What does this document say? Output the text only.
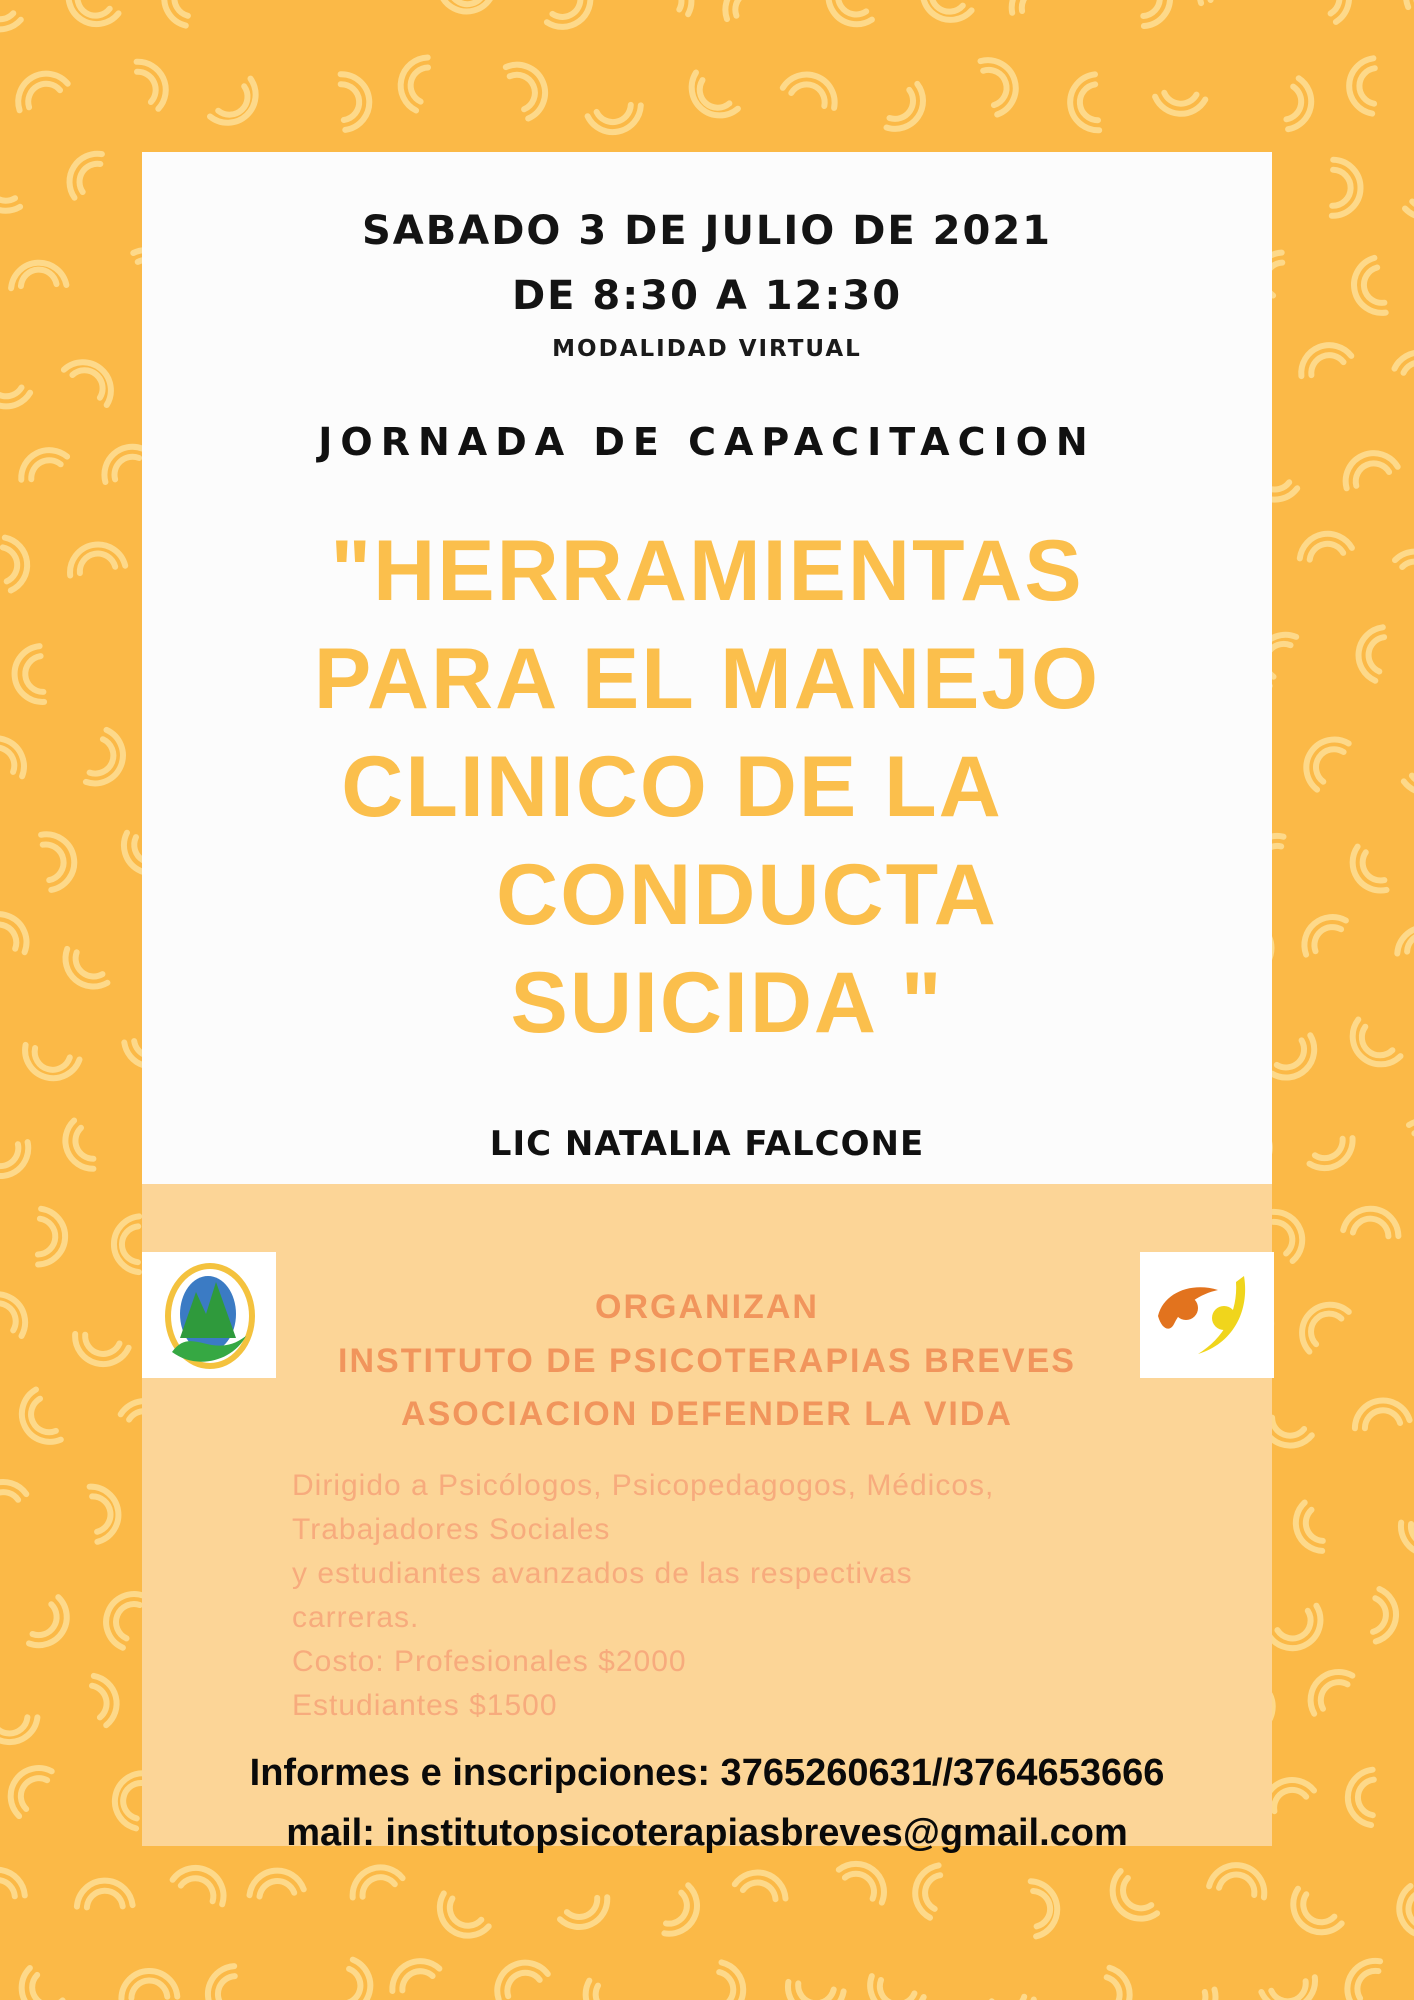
SABADO 3 DE JULIO DE 2021
DE 8:30 A 12:30
MODALIDAD VIRTUAL
JORNADA DE CAPACITACION
"HERRAMIENTAS
PARA EL MANEJO
CLINICO DE LA
CONDUCTA
SUICIDA "
LIC NATALIA FALCONE
ORGANIZAN
INSTITUTO DE PSICOTERAPIAS BREVES
ASOCIACION DEFENDER LA VIDA
Dirigido a Psicólogos, Psicopedagogos, Médicos,
Trabajadores Sociales
y estudiantes avanzados de las respectivas
carreras.
Costo: Profesionales $2000
Estudiantes $1500
Informes e inscripciones: 3765260631//3764653666
mail: institutopsicoterapiasbreves@gmail.com
